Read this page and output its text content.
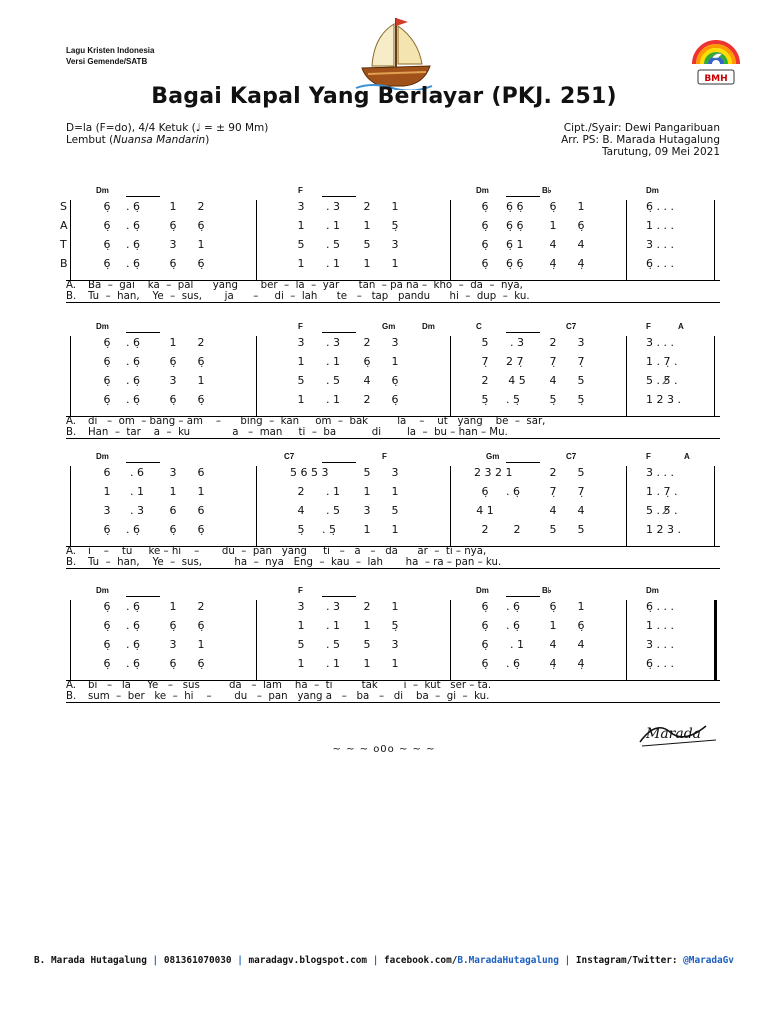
Lagu Kristen Indonesia
Versi Gemende/SATB
BMH
Bagai Kapal Yang Berlayar (PKJ. 251)
D=la (F=do), 4/4 Ketuk (♩ = ± 90 Mm)
Lembut (Nuansa Mandarin)
Cipt./Syair: Dewi Pangaribuan
Arr. PS: B. Marada Hutagalung
Tarutung, 09 Mei 2021
Dm	F	Dm	B♭	Dm
S	6̣	. 6̣	1	2	3	. 3	2	1	6̣	6̣ 6̣	6̣	1	6̣ . . .
A	6̣	. 6̣	6̣	6̣	1	. 1	1	5̣	6̣	6̣ 6̣	1	6̣	1 . . .
T	6̣	. 6̣	3	1	5	. 5	5	3	6̣	6̣ 1	4	4	3 . . .
B	6̣	. 6̣	6̣	6̣	1	. 1	1	1	6̣	6̣ 6̣	4̣	4̣	6̣ . . .
A. Ba  –  gai    ka  –  pal      yang       ber  –  la  –  yar      tan  – pa na –  kho  –  da  –  nya,
B. Tu  –  han,    Ye  –  sus,       ja      –     di  –  lah      te   –   tap   pandu      hi  –  dup  –  ku.
Dm	F	Gm	Dm	C	C7	F	A
6̣	. 6̣	1	2	3	. 3	2	3	5	. 3	2	3	3 . . .
6̣	. 6̣	6̣	6̣	1	. 1	6̣	1	7̣	2 7̣	7̣	7̣	1 . 7̣ .
6̣	. 6̣	3	1	5	. 5	4	6̣	2	4 5	4	5	5 . 5̸ .
6̣	. 6̣	6̣	6̣	1	. 1	2	6̣	5̣	. 5̣	5̣	5̣	1 2 3 .
A. di   –  om  – bang – am    –      bing  –  kan     om  –  bak         la    –    ut   yang    be  –  sar,
B. Han  –  tar    a  –  ku             a   –  man     ti  –  ba           di        la  –  bu – han – Mu.
Dm	C7	F	Gm	C7	F	A
6	. 6	3	6	5 6 5 3	5	3	2 3 2 1	2	5	3 . . .
1	. 1	1	1	2	. 1	1	1	6̣	. 6̣	7̣	7̣	1 . 7̣ .
3	. 3	6	6	4	. 5	3	5	4 1	4	4	5 . 5̸ .
6̣	. 6̣	6̣	6̣	5̣	. 5̣	1	1	2	2	5	5	1 2 3 .
A. i    –    tu     ke – hi    –       du  –  pan   yang     ti   –   a   –   da      ar  –  ti – nya,
B. Tu  –  han,    Ye  –  sus,          ha  –  nya   Eng  –  kau  –  lah       ha  – ra – pan – ku.
Dm	F	Dm	B♭	Dm
6̣	. 6̣	1	2	3	. 3	2	1	6̣	. 6̣	6̣	1	6̣ . . .
6̣	. 6̣	6̣	6̣	1	. 1	1	5̣	6̣	. 6̣	1	6̣	1 . . .
6̣	. 6̣	3	1	5	. 5	5	3	6̣	. 1	4	4	3 . . .
6̣	. 6̣	6̣	6̣	1	. 1	1	1	6̣	. 6̣	4̣	4̣	6̣ . . .
A. bi   –   la     Ye   –   sus         da   –  lam    ha  –  ti         tak        i  –  kut   ser – ta.
B. sum  –  ber   ke  –  hi    –       du   –  pan   yang a   –   ba   –   di    ba  –  gi  –  ku.
~ ~ ~ o0o ~ ~ ~
Marada
B. Marada Hutagalung | 081361070030 | maradagv.blogspot.com | facebook.com/B.MaradaHutagalung | Instagram/Twitter: @MaradaGv
